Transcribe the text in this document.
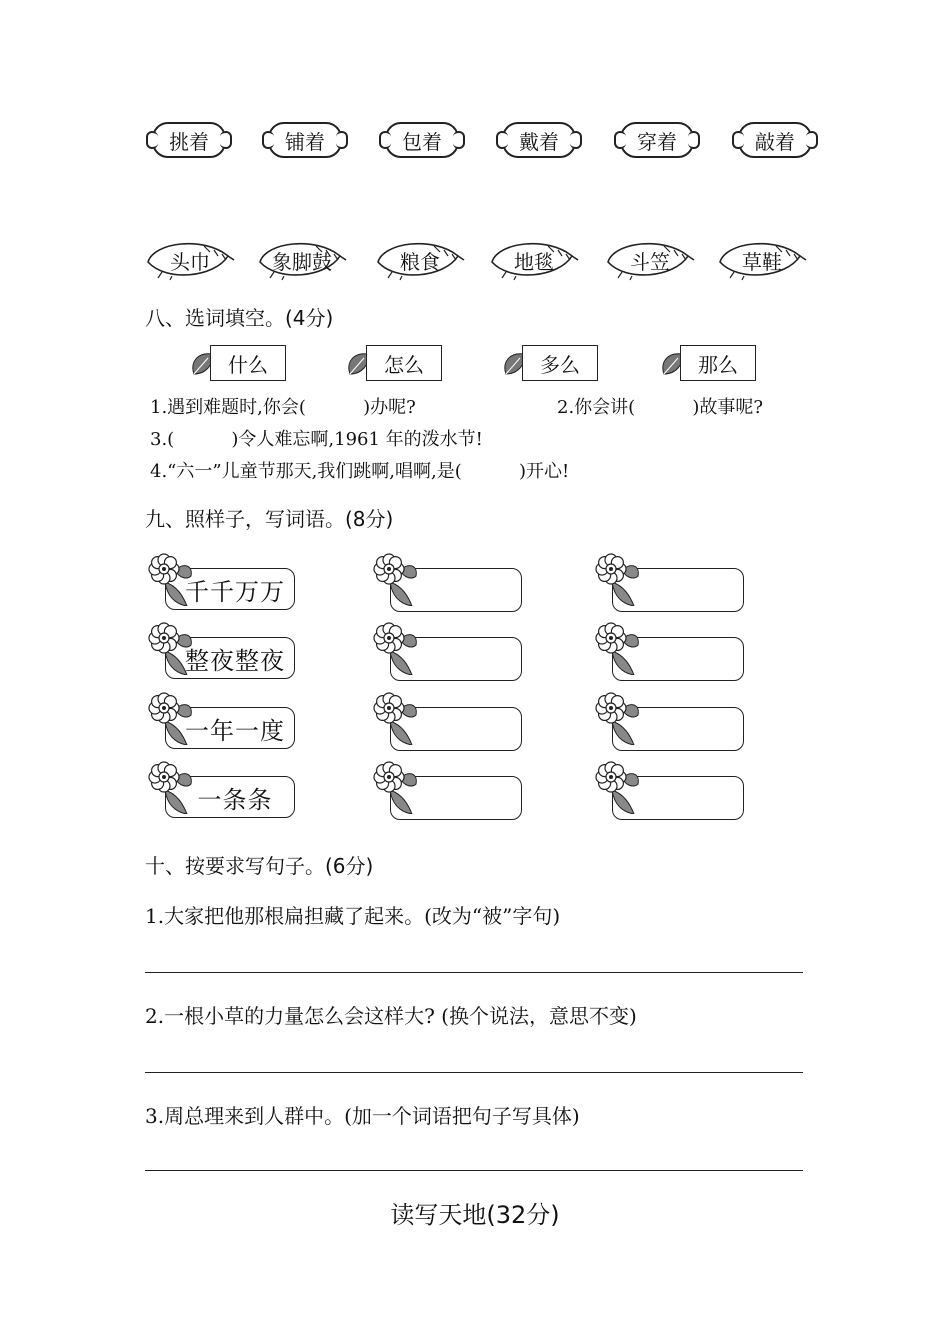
挑着	铺着	包着	戴着	穿着	敲着
头巾	象脚鼓	粮食	地毯	斗笠	草鞋
八、选词填空。(4分)
什么	怎么	多么	那么
1.遇到难题时,你会(          )办呢?	2.你会讲(          )故事呢?
3.(          )令人难忘啊,1961 年的泼水节!
4.“六一”儿童节那天,我们跳啊,唱啊,是(          )开心!
九、照样子，写词语。(8分)
千千万万
整夜整夜
一年一度
一条条
十、按要求写句子。(6分)
1.大家把他那根扁担藏了起来。(改为“被”字句)
2.一根小草的力量怎么会这样大? (换个说法，意思不变)
3.周总理来到人群中。(加一个词语把句子写具体)
读写天地(32分)
